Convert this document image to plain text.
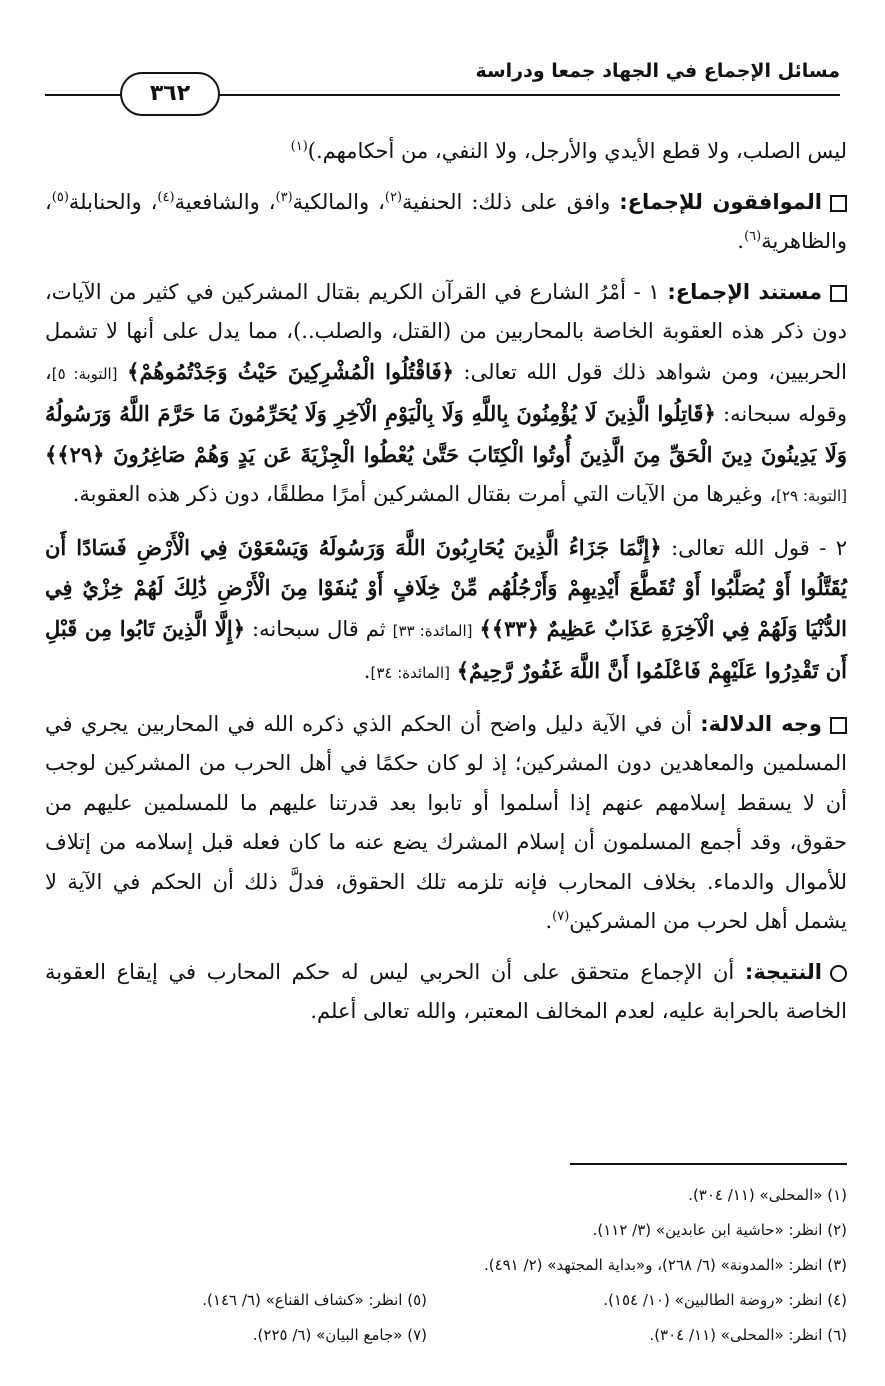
مسائل الإجماع في الجهاد جمعا ودراسة
٣٦٢

ليس الصلب، ولا قطع الأيدي والأرجل، ولا النفي، من أحكامهم.)$^{(١)}$

الموافقون للإجماع: وافق على ذلك: الحنفية$^{(٢)}$، والمالكية$^{(٣)}$، والشافعية$^{(٤)}$، والحنابلة$^{(٥)}$، والظاهرية$^{(٦)}$.

مستند الإجماع: ١ - أمْرُ الشارع في القرآن الكريم بقتال المشركين في كثير من الآيات، دون ذكر هذه العقوبة الخاصة بالمحاربين من (القتل، والصلب..)، مما يدل على أنها لا تشمل الحربيين، ومن شواهد ذلك قول الله تعالى: ﴿فَاقْتُلُوا الْمُشْرِكِينَ حَيْثُ وَجَدْتُمُوهُمْ﴾ [التوبة: ٥]، وقوله سبحانه: ﴿قَاتِلُوا الَّذِينَ لَا يُؤْمِنُونَ بِاللَّهِ وَلَا بِالْيَوْمِ الْآخِرِ وَلَا يُحَرِّمُونَ مَا حَرَّمَ اللَّهُ وَرَسُولُهُ وَلَا يَدِينُونَ دِينَ الْحَقِّ مِنَ الَّذِينَ أُوتُوا الْكِتَابَ حَتَّىٰ يُعْطُوا الْجِزْيَةَ عَن يَدٍ وَهُمْ صَاغِرُونَ ﴿٢٩﴾﴾ [التوبة: ٢٩]، وغيرها من الآيات التي أمرت بقتال المشركين أمرًا مطلقًا، دون ذكر هذه العقوبة.

٢ - قول الله تعالى: ﴿إِنَّمَا جَزَاءُ الَّذِينَ يُحَارِبُونَ اللَّهَ وَرَسُولَهُ وَيَسْعَوْنَ فِي الْأَرْضِ فَسَادًا أَن يُقَتَّلُوا أَوْ يُصَلَّبُوا أَوْ تُقَطَّعَ أَيْدِيهِمْ وَأَرْجُلُهُم مِّنْ خِلَافٍ أَوْ يُنفَوْا مِنَ الْأَرْضِ ذَٰلِكَ لَهُمْ خِزْيٌ فِي الدُّنْيَا وَلَهُمْ فِي الْآخِرَةِ عَذَابٌ عَظِيمٌ ﴿٣٣﴾﴾ [المائدة: ٣٣] ثم قال سبحانه: ﴿إِلَّا الَّذِينَ تَابُوا مِن قَبْلِ أَن تَقْدِرُوا عَلَيْهِمْ فَاعْلَمُوا أَنَّ اللَّهَ غَفُورٌ رَّحِيمٌ﴾ [المائدة: ٣٤].

وجه الدلالة: أن في الآية دليل واضح أن الحكم الذي ذكره الله في المحاربين يجري في المسلمين والمعاهدين دون المشركين؛ إذ لو كان حكمًا في أهل الحرب من المشركين لوجب أن لا يسقط إسلامهم عنهم إذا أسلموا أو تابوا بعد قدرتنا عليهم ما للمسلمين عليهم من حقوق، وقد أجمع المسلمون أن إسلام المشرك يضع عنه ما كان فعله قبل إسلامه من إتلاف للأموال والدماء. بخلاف المحارب فإنه تلزمه تلك الحقوق، فدلَّ ذلك أن الحكم في الآية لا يشمل أهل لحرب من المشركين$^{(٧)}$.

النتيجة: أن الإجماع متحقق على أن الحربي ليس له حكم المحارب في إيقاع العقوبة الخاصة بالحرابة عليه، لعدم المخالف المعتبر، والله تعالى أعلم.

(١) «المحلى» (١١/ ٣٠٤).
(٢) انظر: «حاشية ابن عابدين» (٣/ ١١٢).
(٣) انظر: «المدونة» (٦/ ٢٦٨)، و«بداية المجتهد» (٢/ ٤٩١).
(٤) انظر: «روضة الطالبين» (١٠/ ١٥٤).
(٥) انظر: «كشاف القناع» (٦/ ١٤٦).
(٦) انظر: «المحلى» (١١/ ٣٠٤).
(٧) «جامع البيان» (٦/ ٢٢٥).
